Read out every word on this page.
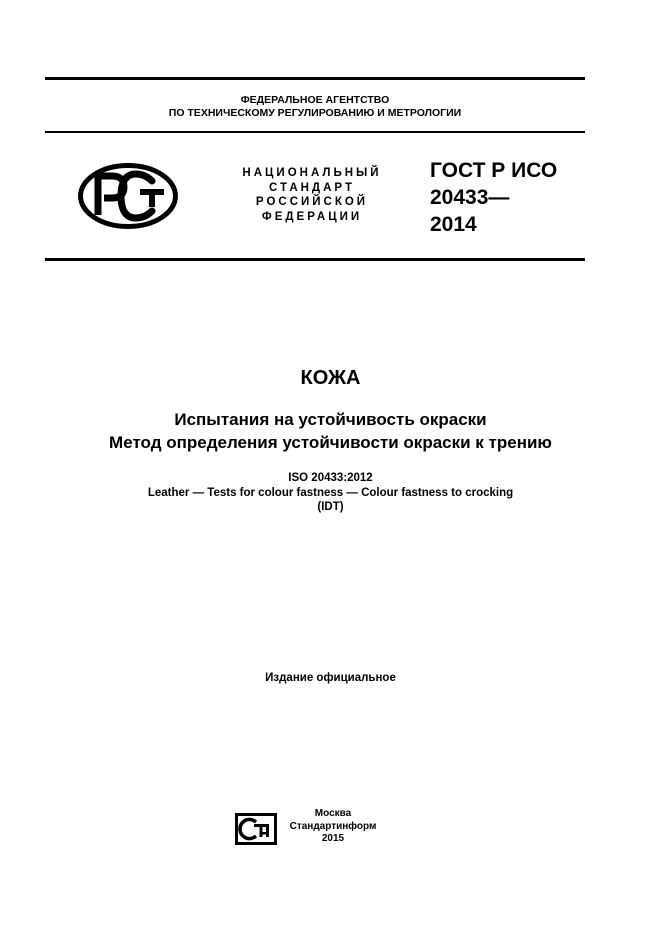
ФЕДЕРАЛЬНОЕ АГЕНТСТВО
ПО ТЕХНИЧЕСКОМУ РЕГУЛИРОВАНИЮ И МЕТРОЛОГИИ
НАЦИОНАЛЬНЫЙ
СТАНДАРТ
РОССИЙСКОЙ
ФЕДЕРАЦИИ
ГОСТ Р ИСО
20433—
2014
КОЖА
Испытания на устойчивость окраски
Метод определения устойчивости окраски к трению
ISO 20433:2012
Leather — Tests for colour fastness — Colour fastness to crocking
(IDT)
Издание официальное
Москва
Стандартинформ
2015
